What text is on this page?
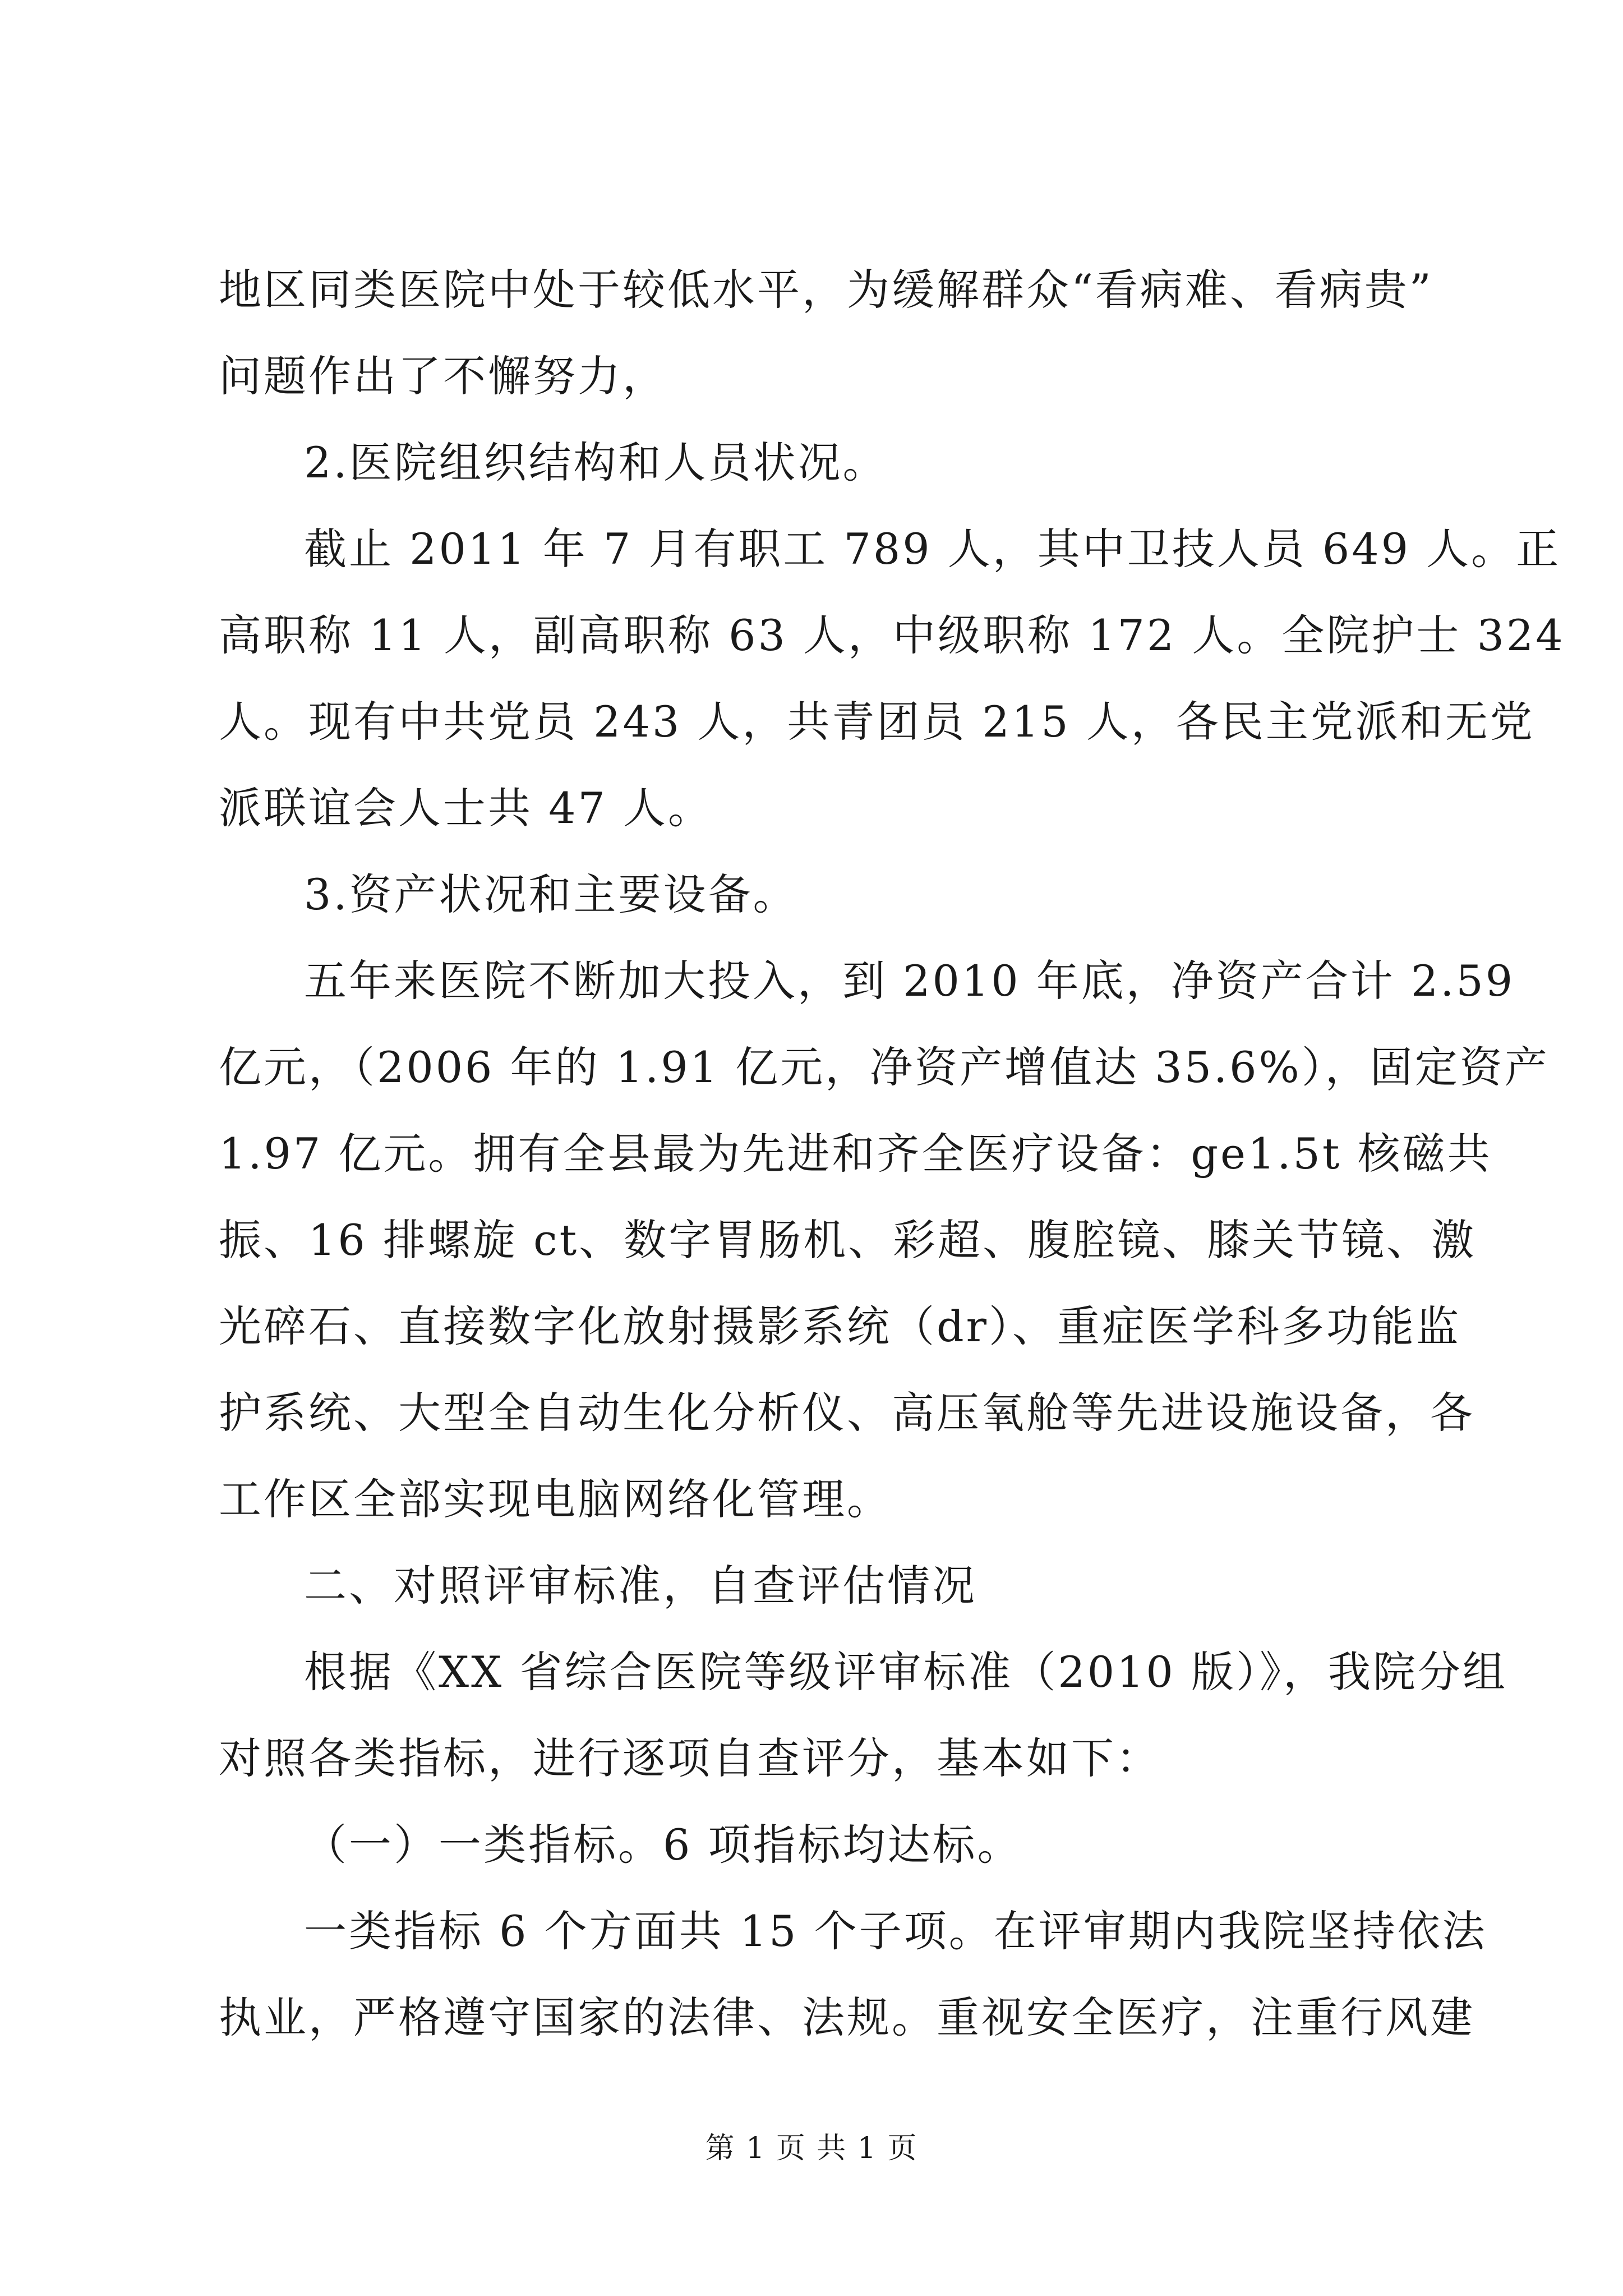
地区同类医院中处于较低水平，为缓解群众“看病难、看病贵”
问题作出了不懈努力，
2.医院组织结构和人员状况。
截止 2011 年 7 月有职工 789 人，其中卫技人员 649 人。正
高职称 11 人，副高职称 63 人，中级职称 172 人。全院护士 324
人。现有中共党员 243 人，共青团员 215 人，各民主党派和无党
派联谊会人士共 47 人。
3.资产状况和主要设备。
五年来医院不断加大投入，到 2010 年底，净资产合计 2.59
亿元，（2006 年的 1.91 亿元，净资产增值达 35.6%），固定资产
1.97 亿元。拥有全县最为先进和齐全医疗设备：ge1.5t 核磁共
振、16 排螺旋 ct、数字胃肠机、彩超、腹腔镜、膝关节镜、激
光碎石、直接数字化放射摄影系统（dr）、重症医学科多功能监
护系统、大型全自动生化分析仪、高压氧舱等先进设施设备，各
工作区全部实现电脑网络化管理。
二、对照评审标准，自查评估情况
根据《XX 省综合医院等级评审标准（2010 版）》，我院分组
对照各类指标，进行逐项自查评分，基本如下：
（一）一类指标。6 项指标均达标。
一类指标 6 个方面共 15 个子项。在评审期内我院坚持依法
执业，严格遵守国家的法律、法规。重视安全医疗，注重行风建
第 1 页 共 1 页
